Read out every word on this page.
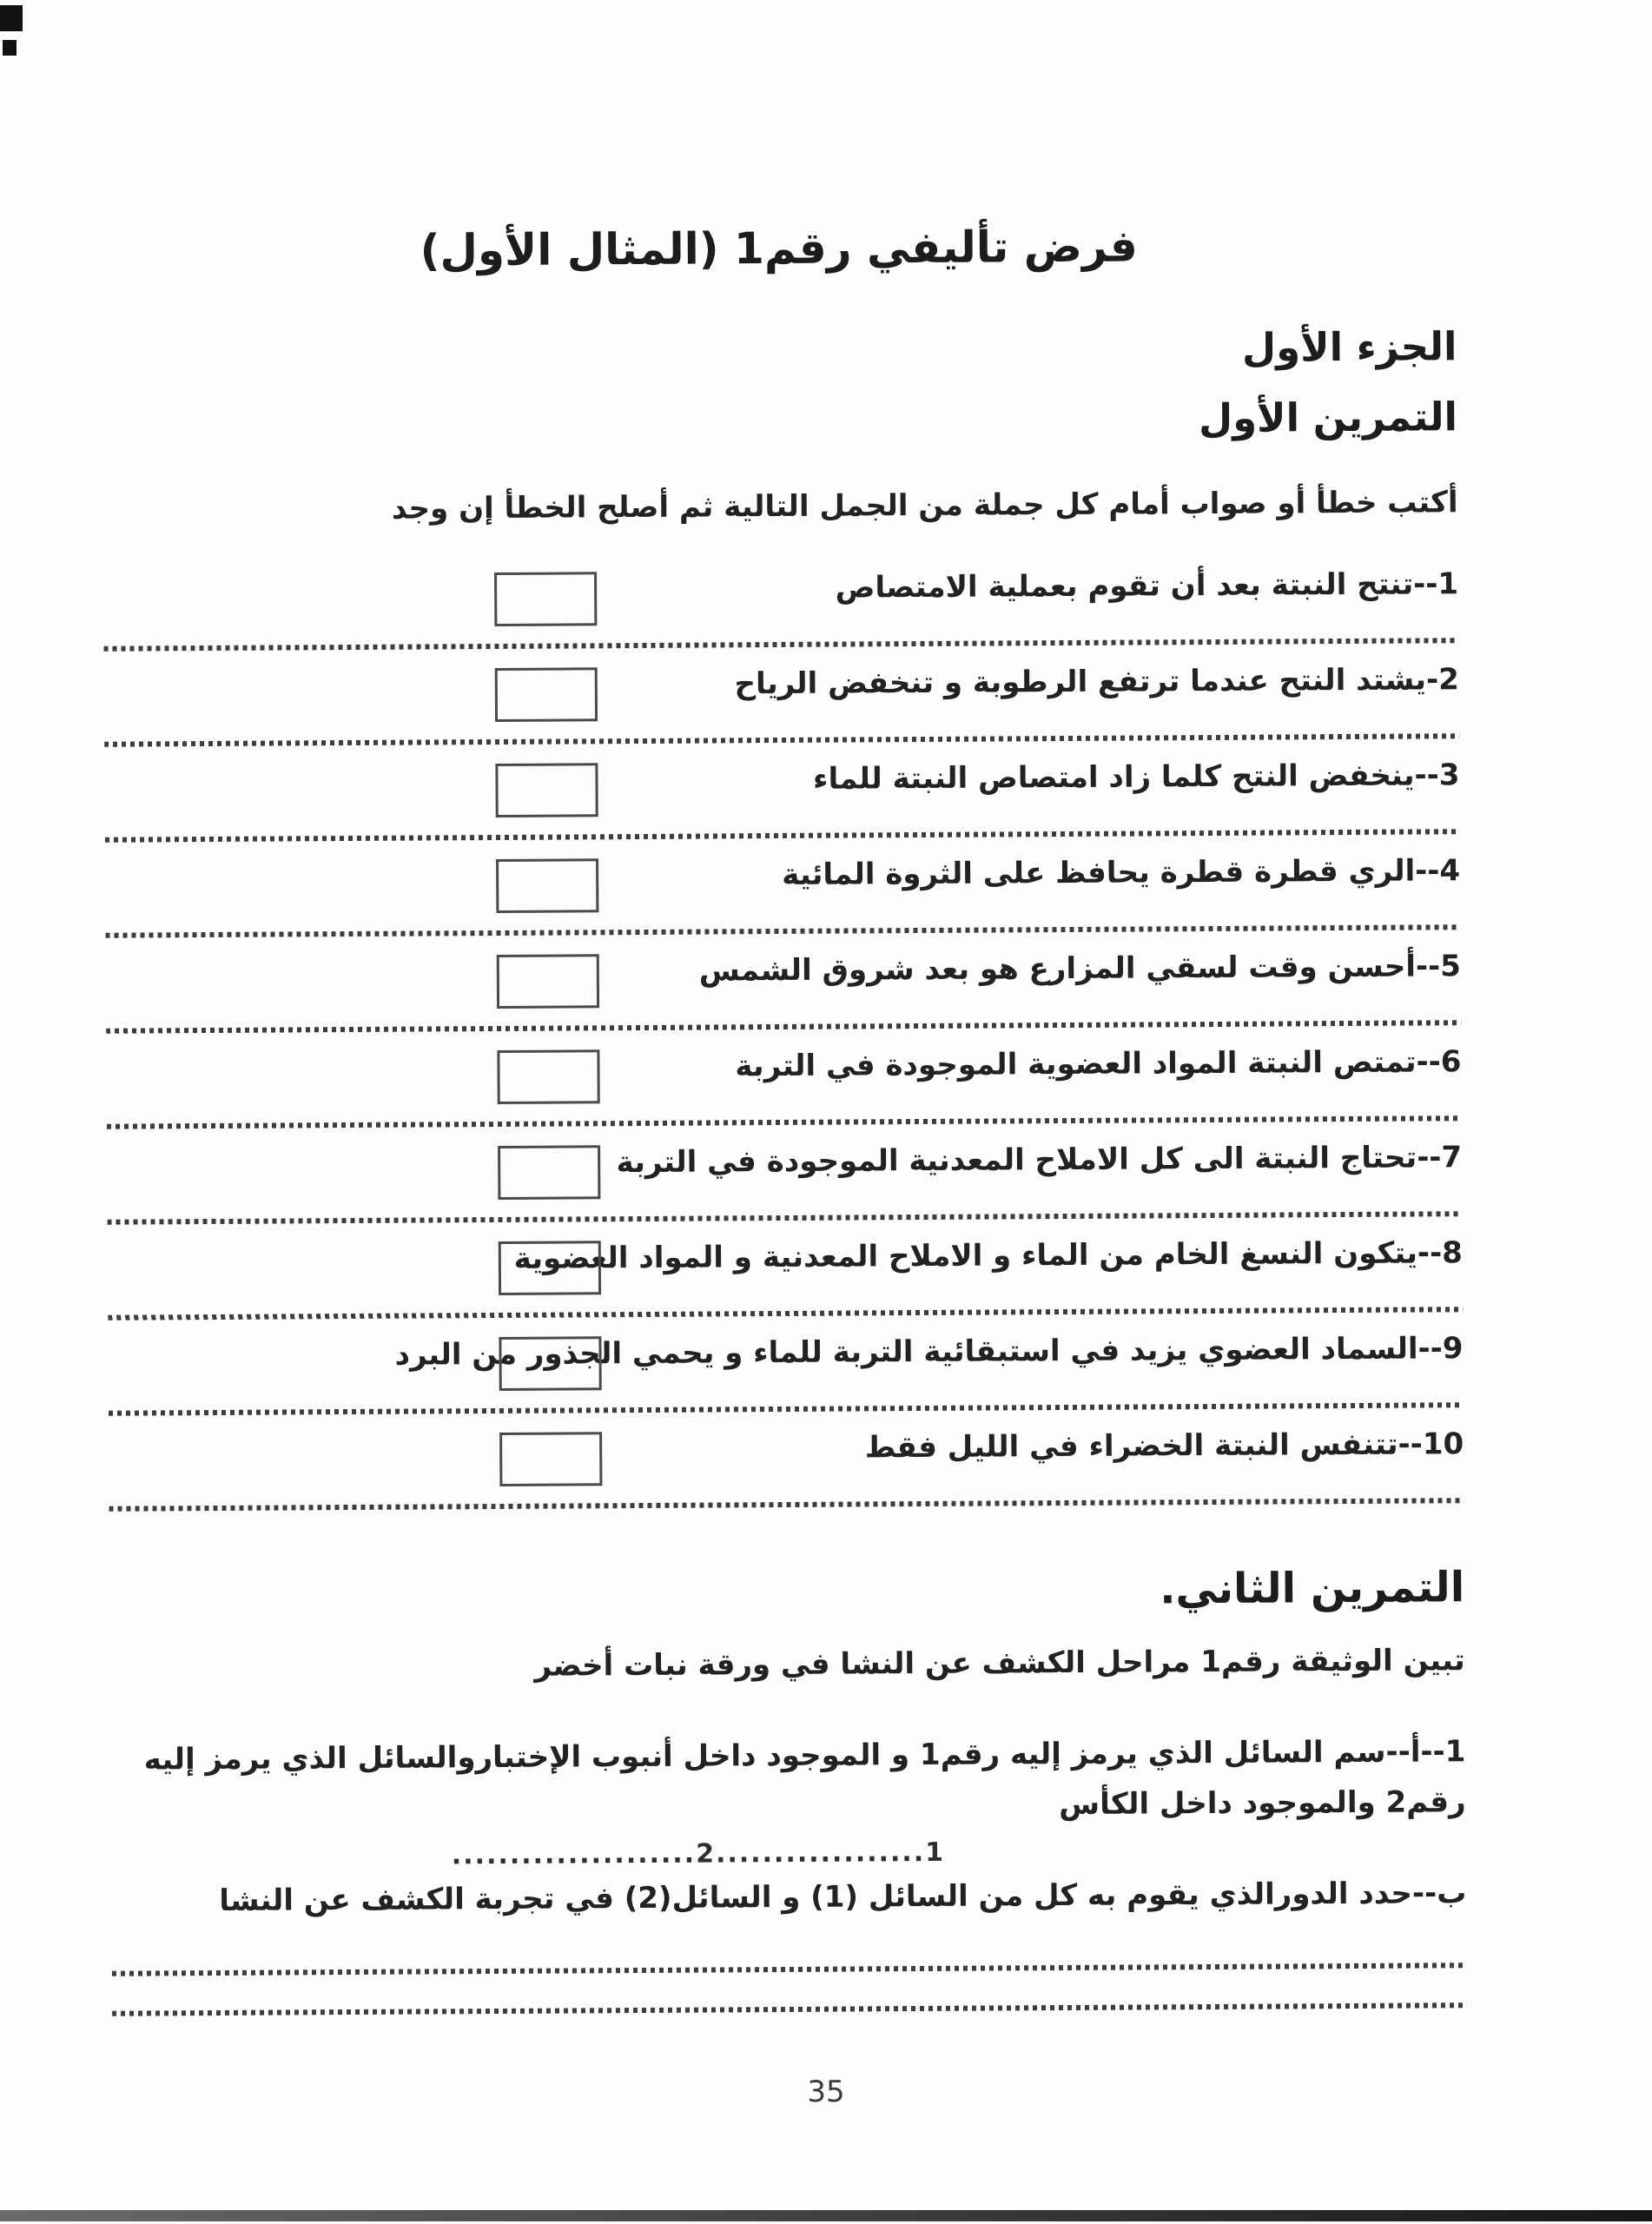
فرض تأليفي رقم1 (المثال الأول)
الجزء الأول
التمرين الأول
أكتب خطأ أو صواب أمام كل جملة من الجمل التالية ثم أصلح الخطأ إن وجد
1--تنتح النبتة بعد أن تقوم بعملية الامتصاص
2-يشتد النتح عندما ترتفع الرطوبة و تنخفض الرياح
3--ينخفض النتح كلما زاد امتصاص النبتة للماء
4--الري قطرة قطرة يحافظ على الثروة المائية
5--أحسن وقت لسقي المزارع هو بعد شروق الشمس
6--تمتص النبتة المواد العضوية الموجودة في التربة
7--تحتاج النبتة الى كل الاملاح المعدنية الموجودة في التربة
8--يتكون النسغ الخام من الماء و الاملاح المعدنية و المواد العضوية
9--السماد العضوي يزيد في استبقائية التربة للماء و يحمي الجذور من البرد
10--تتنفس النبتة الخضراء في الليل فقط
التمرين الثاني.
تبين الوثيقة رقم1 مراحل الكشف عن النشا في ورقة نبات أخضر
1--أ--سم السائل الذي يرمز إليه رقم1 و الموجود داخل أنبوب الإختباروالسائل الذي يرمز إليه رقم2 والموجود داخل الكأس
1..................2.....................
ب--حدد الدورالذي يقوم به كل من السائل (1) و السائل(2) في تجربة الكشف عن النشا
35
